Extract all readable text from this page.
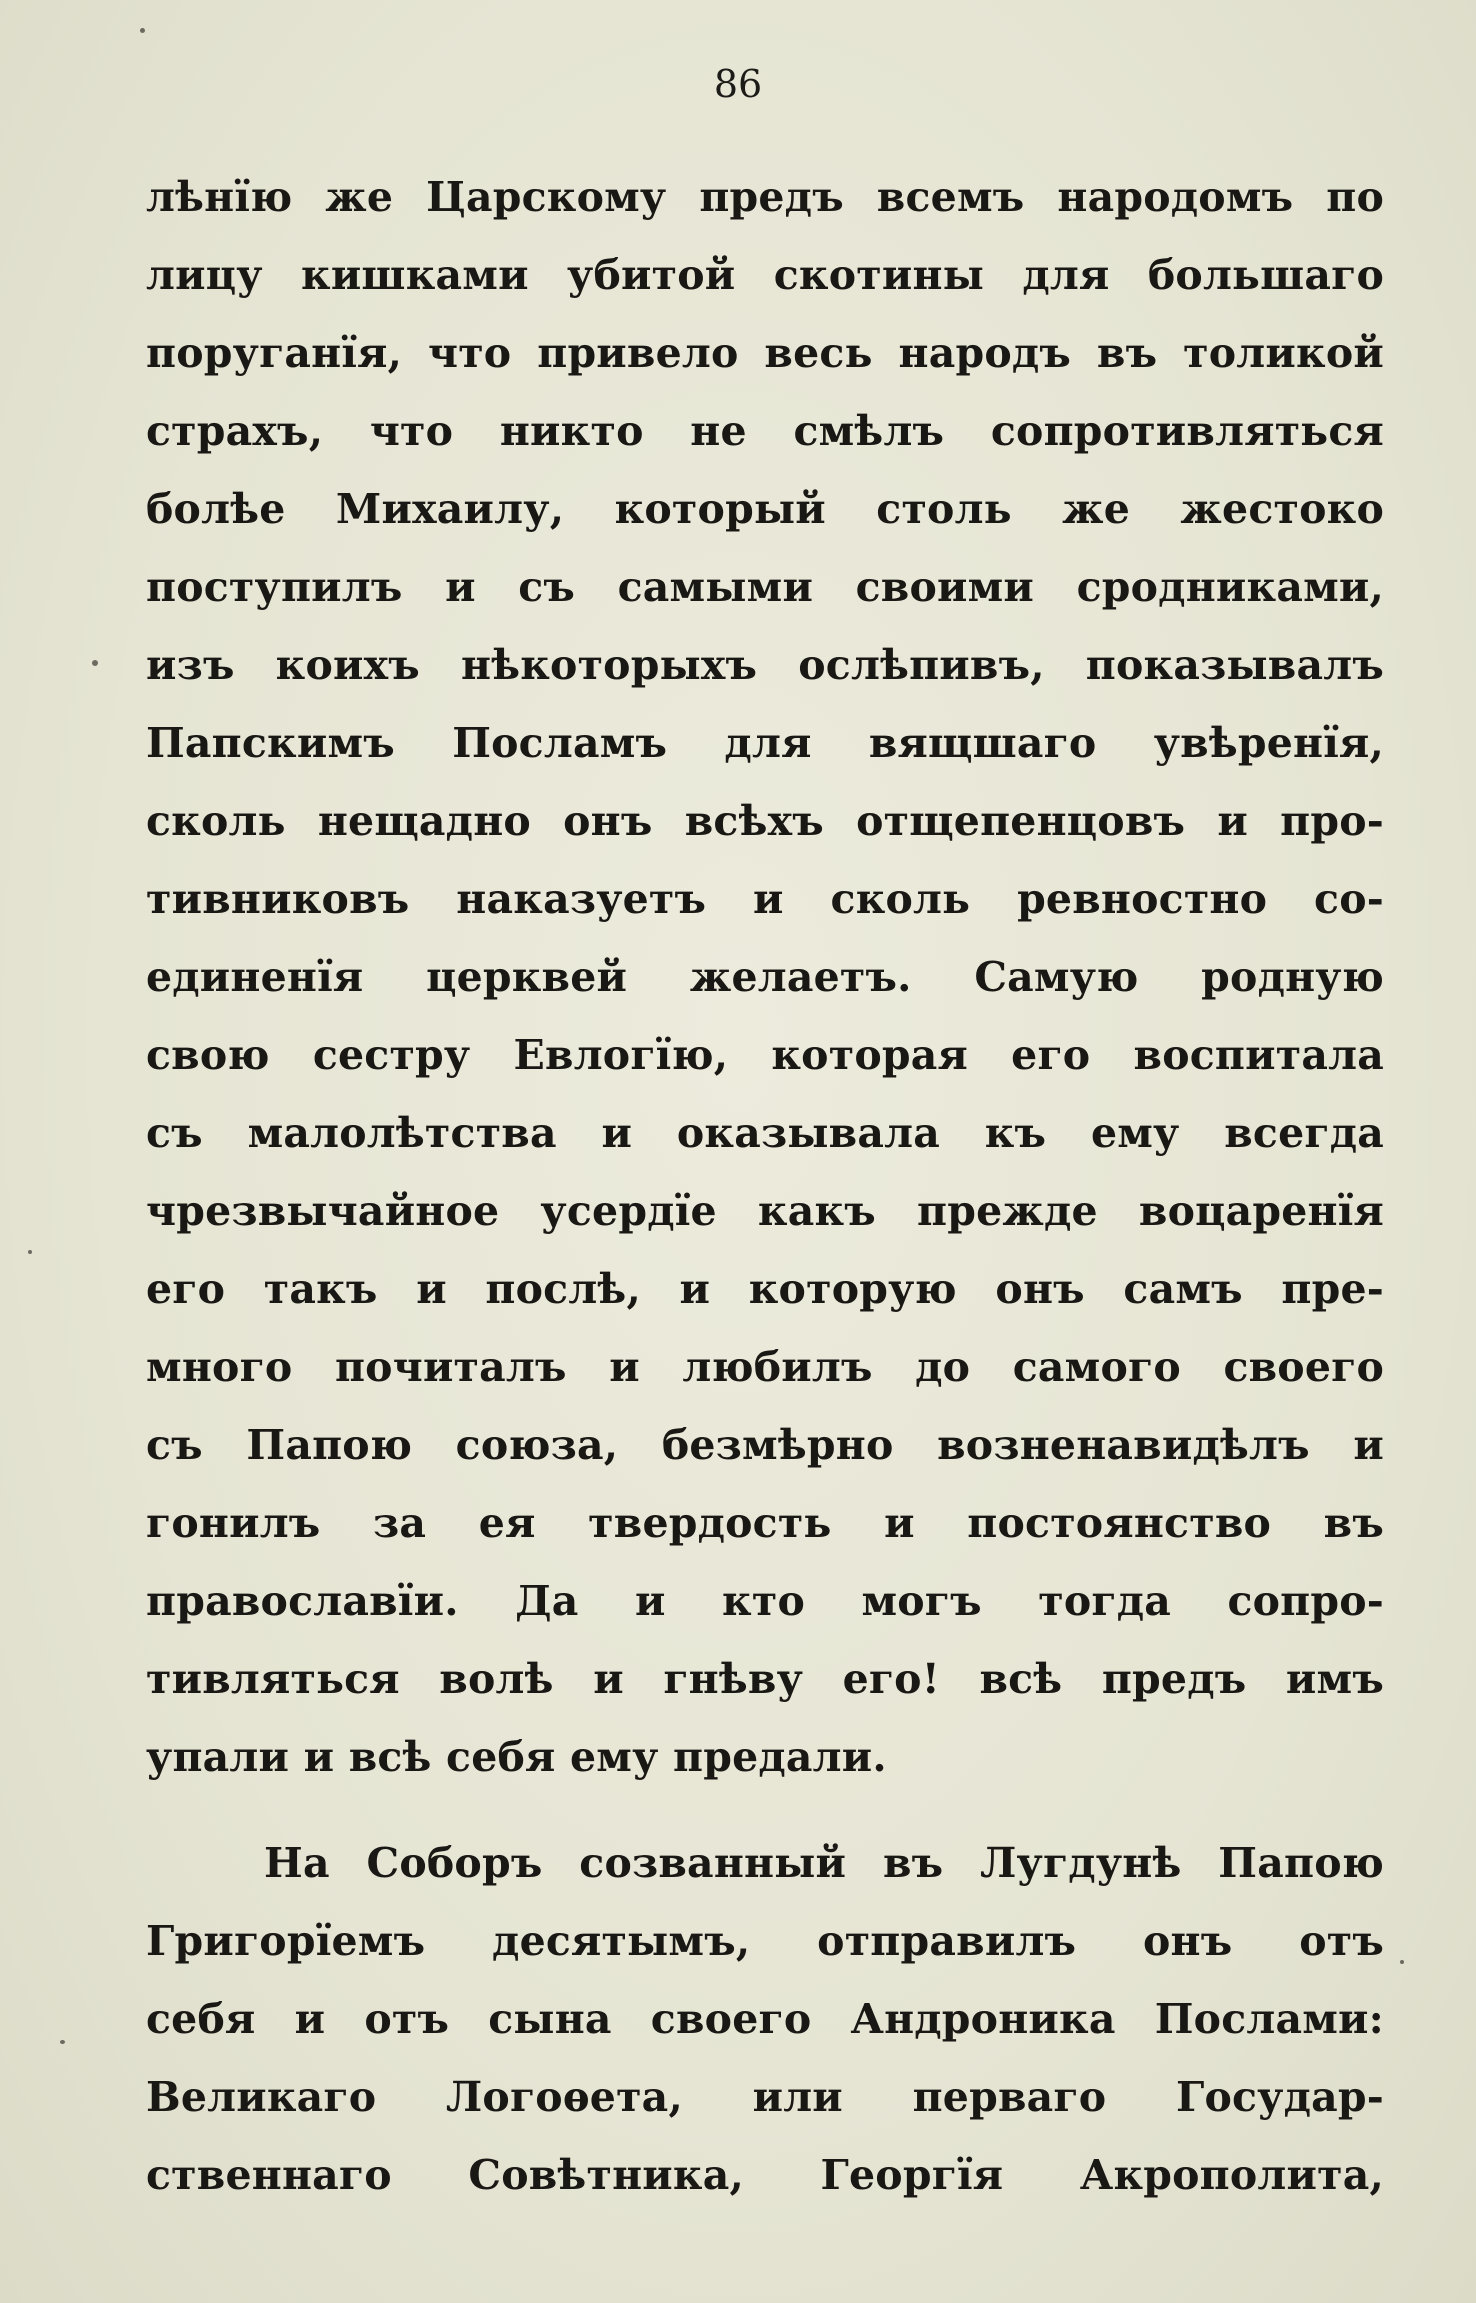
86
лѣнїю же Царскому предъ всемъ народомъ по
лицу кишками убитой скотины для большаго
поруганїя, что привело весь народъ въ толикой
страхъ, что никто не смѣлъ сопротивляться
болѣе Михаилу, который столь же жестоко
поступилъ и съ самыми своими сродниками,
изъ коихъ нѣкоторыхъ ослѣпивъ, показывалъ
Папскимъ Посламъ для вящшаго увѣренїя,
сколь нещадно онъ всѣхъ отщепенцовъ и про-
тивниковъ наказуетъ и сколь ревностно со-
единенїя церквей желаетъ. Самую родную
свою сестру Евлогїю, которая его воспитала
съ малолѣтства и оказывала къ ему всегда
чрезвычайное усердїе какъ прежде воцаренїя
его такъ и послѣ, и которую онъ самъ пре-
много почиталъ и любилъ до самого своего
съ Папою союза, безмѣрно возненавидѣлъ и
гонилъ за ея твердость и постоянство въ
православїи. Да и кто могъ тогда сопро-
тивляться волѣ и гнѣву его! всѣ предъ имъ
упали и всѣ себя ему предали.
На Соборъ созванный въ Лугдунѣ Папою
Григорїемъ десятымъ, отправилъ онъ отъ
себя и отъ сына своего Андроника Послами:
Великаго Логоѳета, или перваго Государ-
ственнаго Совѣтника, Георгїя Акрополита,
